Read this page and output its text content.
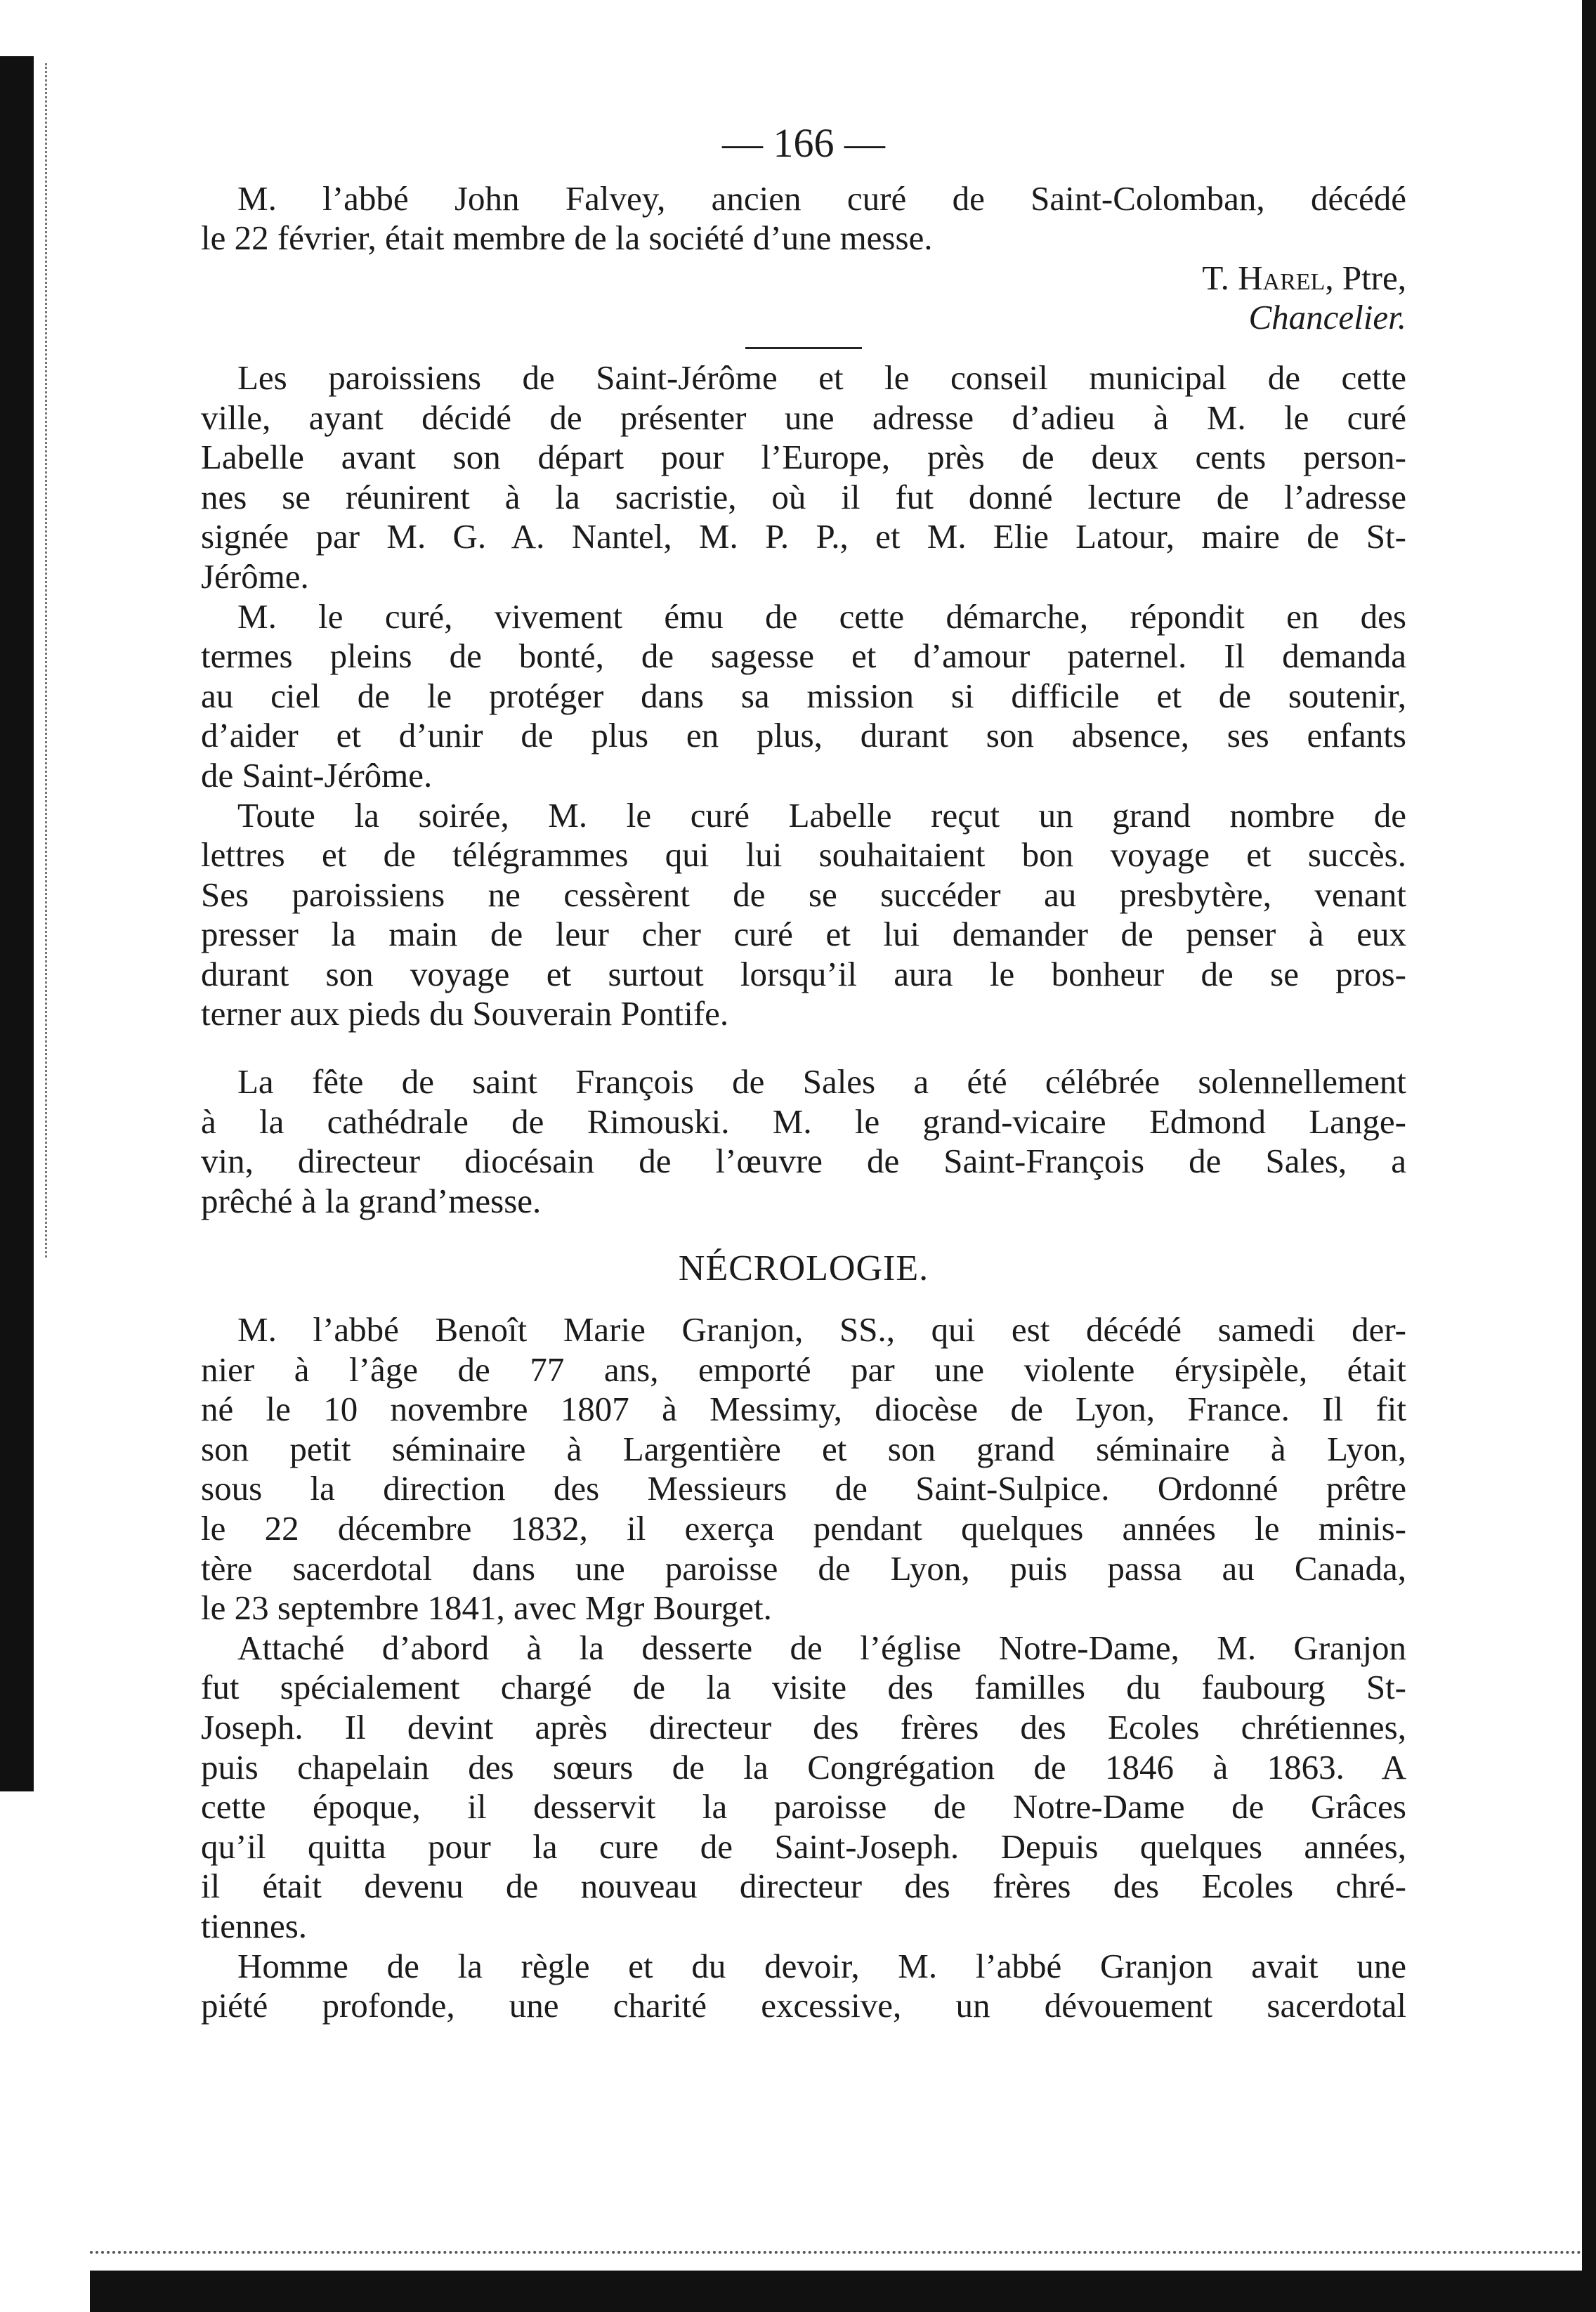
— 166 —
M. l’abbé John Falvey, ancien curé de Saint-Colomban, décédé
le 22 février, était membre de la société d’une messe.
T. Harel, Ptre,
Chancelier.
Les paroissiens de Saint-Jérôme et le conseil municipal de cette
ville, ayant décidé de présenter une adresse d’adieu à M. le curé
Labelle avant son départ pour l’Europe, près de deux cents person-
nes se réunirent à la sacristie, où il fut donné lecture de l’adresse
signée par M. G. A. Nantel, M. P. P., et M. Elie Latour, maire de St-
Jérôme.
M. le curé, vivement ému de cette démarche, répondit en des
termes pleins de bonté, de sagesse et d’amour paternel. Il demanda
au ciel de le protéger dans sa mission si difficile et de soutenir,
d’aider et d’unir de plus en plus, durant son absence, ses enfants
de Saint-Jérôme.
Toute la soirée, M. le curé Labelle reçut un grand nombre de
lettres et de télégrammes qui lui souhaitaient bon voyage et succès.
Ses paroissiens ne cessèrent de se succéder au presbytère, venant
presser la main de leur cher curé et lui demander de penser à eux
durant son voyage et surtout lorsqu’il aura le bonheur de se pros-
terner aux pieds du Souverain Pontife.
La fête de saint François de Sales a été célébrée solennellement
à la cathédrale de Rimouski. M. le grand-vicaire Edmond Lange-
vin, directeur diocésain de l’œuvre de Saint-François de Sales, a
prêché à la grand’messe.
NÉCROLOGIE.
M. l’abbé Benoît Marie Granjon, SS., qui est décédé samedi der-
nier à l’âge de 77 ans, emporté par une violente érysipèle, était
né le 10 novembre 1807 à Messimy, diocèse de Lyon, France. Il fit
son petit séminaire à Largentière et son grand séminaire à Lyon,
sous la direction des Messieurs de Saint-Sulpice. Ordonné prêtre
le 22 décembre 1832, il exerça pendant quelques années le minis-
tère sacerdotal dans une paroisse de Lyon, puis passa au Canada,
le 23 septembre 1841, avec Mgr Bourget.
Attaché d’abord à la desserte de l’église Notre-Dame, M. Granjon
fut spécialement chargé de la visite des familles du faubourg St-
Joseph. Il devint après directeur des frères des Ecoles chrétiennes,
puis chapelain des sœurs de la Congrégation de 1846 à 1863. A
cette époque, il desservit la paroisse de Notre-Dame de Grâces
qu’il quitta pour la cure de Saint-Joseph. Depuis quelques années,
il était devenu de nouveau directeur des frères des Ecoles chré-
tiennes.
Homme de la règle et du devoir, M. l’abbé Granjon avait une
piété profonde, une charité excessive, un dévouement sacerdotal
